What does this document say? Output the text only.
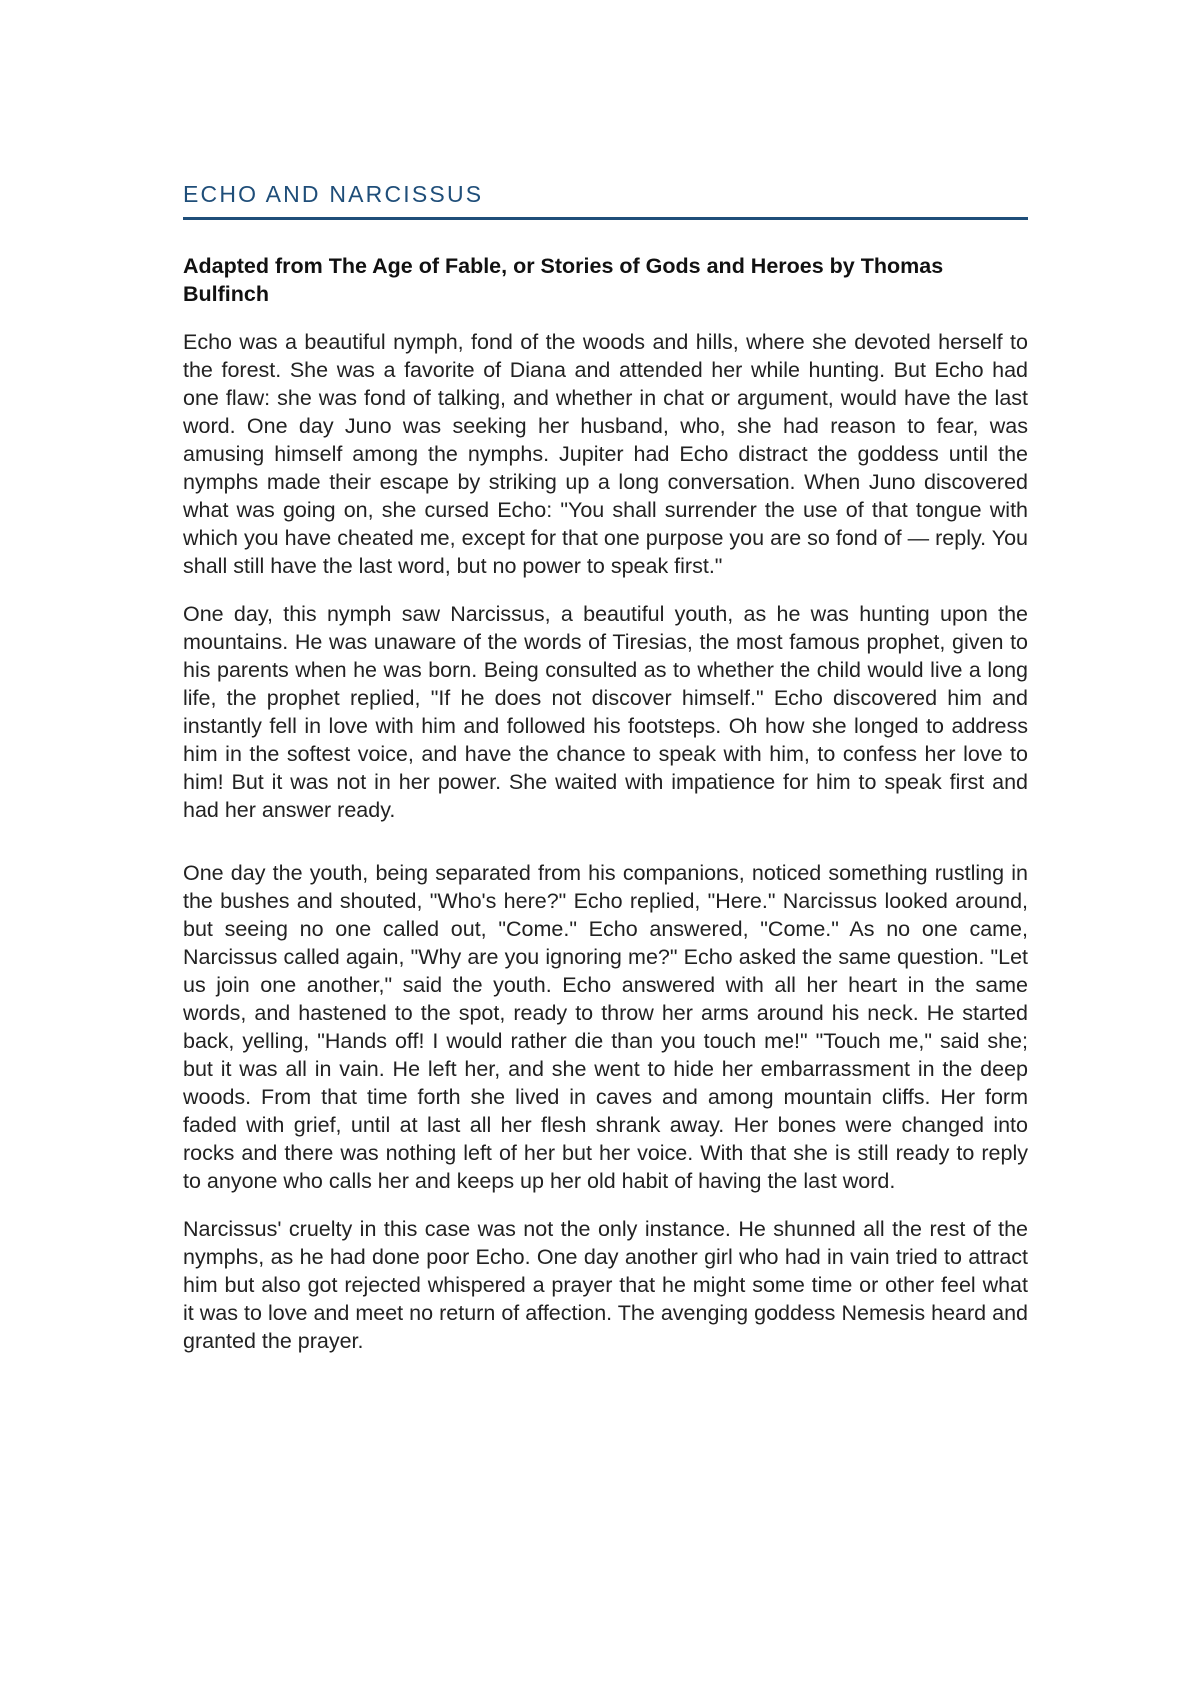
ECHO AND NARCISSUS

Adapted from The Age of Fable, or Stories of Gods and Heroes by Thomas Bulfinch

Echo was a beautiful nymph, fond of the woods and hills, where she devoted herself to the forest. She was a favorite of Diana and attended her while hunting. But Echo had one flaw: she was fond of talking, and whether in chat or argument, would have the last word. One day Juno was seeking her husband, who, she had reason to fear, was amusing himself among the nymphs. Jupiter had Echo distract the goddess until the nymphs made their escape by striking up a long conversation. When Juno discovered what was going on, she cursed Echo: "You shall surrender the use of that tongue with which you have cheated me, except for that one purpose you are so fond of — reply. You shall still have the last word, but no power to speak first."

One day, this nymph saw Narcissus, a beautiful youth, as he was hunting upon the mountains. He was unaware of the words of Tiresias, the most famous prophet, given to his parents when he was born. Being consulted as to whether the child would live a long life, the prophet replied, "If he does not discover himself." Echo discovered him and instantly fell in love with him and followed his footsteps. Oh how she longed to address him in the softest voice, and have the chance to speak with him, to confess her love to him! But it was not in her power. She waited with impatience for him to speak first and had her answer ready.

One day the youth, being separated from his companions, noticed something rustling in the bushes and shouted, "Who's here?" Echo replied, "Here." Narcissus looked around, but seeing no one called out, "Come." Echo answered, "Come." As no one came, Narcissus called again, "Why are you ignoring me?" Echo asked the same question. "Let us join one another," said the youth. Echo answered with all her heart in the same words, and hastened to the spot, ready to throw her arms around his neck. He started back, yelling, "Hands off! I would rather die than you touch me!" "Touch me," said she; but it was all in vain. He left her, and she went to hide her embarrassment in the deep woods. From that time forth she lived in caves and among mountain cliffs. Her form faded with grief, until at last all her flesh shrank away. Her bones were changed into rocks and there was nothing left of her but her voice. With that she is still ready to reply to anyone who calls her and keeps up her old habit of having the last word.

Narcissus' cruelty in this case was not the only instance. He shunned all the rest of the nymphs, as he had done poor Echo. One day another girl who had in vain tried to attract him but also got rejected whispered a prayer that he might some time or other feel what it was to love and meet no return of affection. The avenging goddess Nemesis heard and granted the prayer.
